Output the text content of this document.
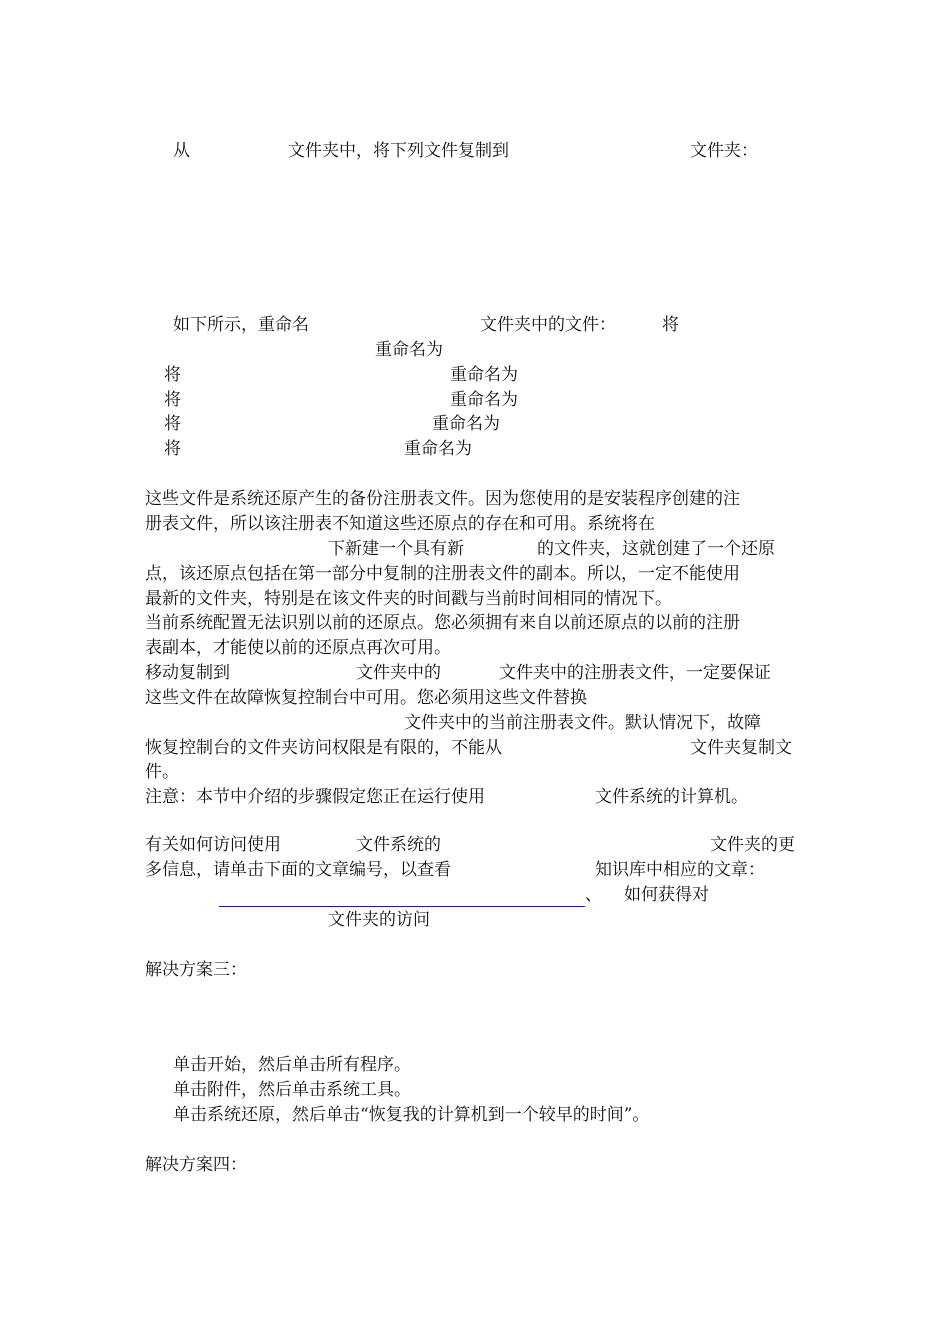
从	文件夹中，将下列文件复制到	文件夹：
如下所示，重命名	文件夹中的文件：	将
重命名为
将	重命名为
将	重命名为
将	重命名为
将	重命名为
这些文件是系统还原产生的备份注册表文件。因为您使用的是安装程序创建的注
册表文件，所以该注册表不知道这些还原点的存在和可用。系统将在
下新建一个具有新	的文件夹，这就创建了一个还原
点，该还原点包括在第一部分中复制的注册表文件的副本。所以，一定不能使用
最新的文件夹，特别是在该文件夹的时间戳与当前时间相同的情况下。
当前系统配置无法识别以前的还原点。您必须拥有来自以前还原点的以前的注册
表副本，才能使以前的还原点再次可用。
移动复制到	文件夹中的	文件夹中的注册表文件，一定要保证
这些文件在故障恢复控制台中可用。您必须用这些文件替换
文件夹中的当前注册表文件。默认情况下，故障
恢复控制台的文件夹访问权限是有限的，不能从	文件夹复制文
件。
注意：本节中介绍的步骤假定您正在运行使用	文件系统的计算机。
有关如何访问使用	文件系统的	文件夹的更
多信息，请单击下面的文章编号，以查看	知识库中相应的文章：
、 如何获得对
文件夹的访问
解决方案三：
单击开始，然后单击所有程序。
单击附件，然后单击系统工具。
单击系统还原，然后单击“恢复我的计算机到一个较早的时间”。
解决方案四：
